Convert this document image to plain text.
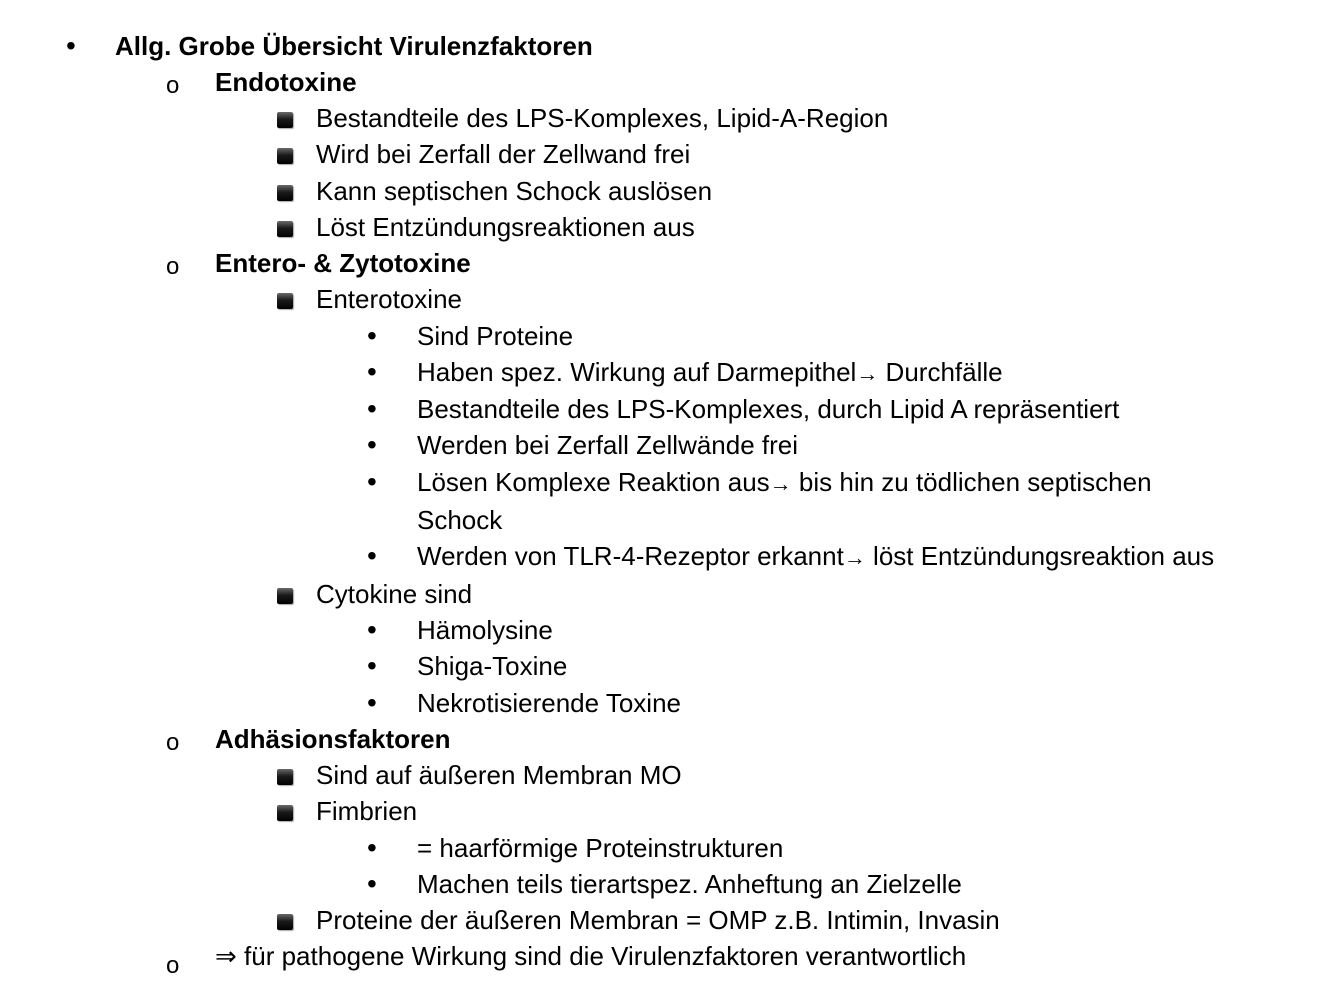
• Allg. Grobe Übersicht Virulenzfaktoren
o Endotoxine
Bestandteile des LPS-Komplexes, Lipid-A-Region
Wird bei Zerfall der Zellwand frei
Kann septischen Schock auslösen
Löst Entzündungsreaktionen aus
o Entero- & Zytotoxine
Enterotoxine
• Sind Proteine
• Haben spez. Wirkung auf Darmepithel→ Durchfälle
• Bestandteile des LPS-Komplexes, durch Lipid A repräsentiert
• Werden bei Zerfall Zellwände frei
• Lösen Komplexe Reaktion aus→ bis hin zu tödlichen septischen
Schock
• Werden von TLR-4-Rezeptor erkannt→ löst Entzündungsreaktion aus
Cytokine sind
• Hämolysine
• Shiga-Toxine
• Nekrotisierende Toxine
o Adhäsionsfaktoren
Sind auf äußeren Membran MO
Fimbrien
• = haarförmige Proteinstrukturen
• Machen teils tierartspez. Anheftung an Zielzelle
Proteine der äußeren Membran = OMP z.B. Intimin, Invasin
o ⇒ für pathogene Wirkung sind die Virulenzfaktoren verantwortlich
